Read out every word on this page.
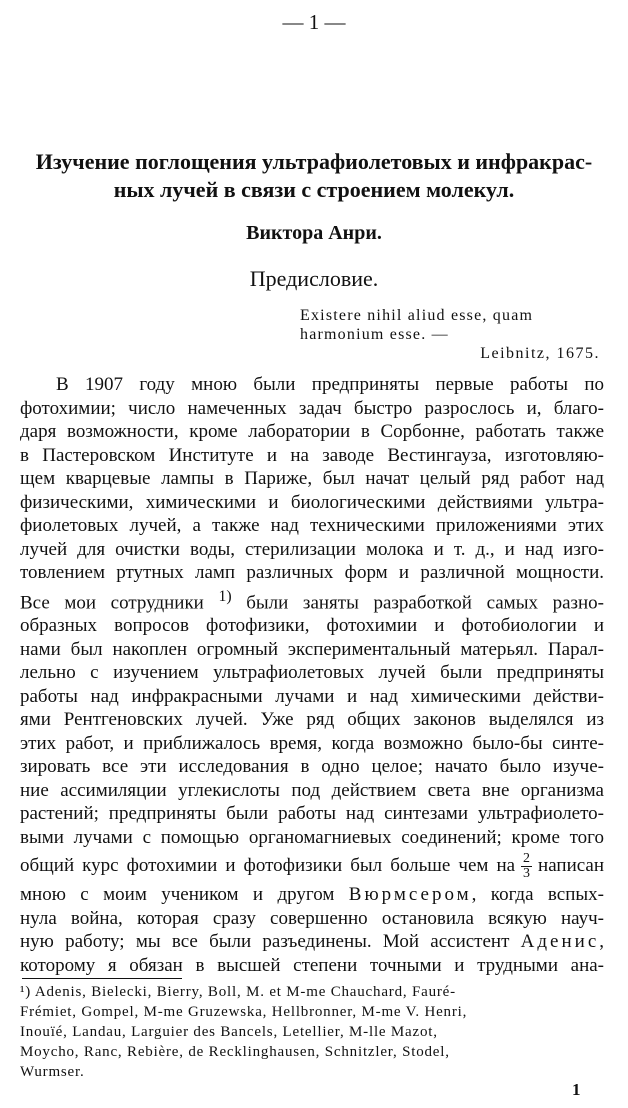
— 1 —
Изучение поглощения ультрафиолетовых и инфракрас-
ных лучей в связи с строением молекул.
Виктора Анри.
Предисловие.
Existere nihil aliud esse, quam
harmonium esse. —
Leibnitz, 1675.
В 1907 году мною были предприняты первые работы по
фотохимии; число намеченных задач быстро разрослось и, благо-
даря возможности, кроме лаборатории в Сорбонне, работать также
в Пастеровском Институте и на заводе Вестингауза, изготовляю-
щем кварцевые лампы в Париже, был начат целый ряд работ над
физическими, химическими и биологическими действиями ультра-
фиолетовых лучей, а также над техническими приложениями этих
лучей для очистки воды, стерилизации молока и т. д., и над изго-
товлением ртутных ламп различных форм и различной мощности.
Все мои сотрудники $^{1)}$ были заняты разработкой самых разно-
образных вопросов фотофизики, фотохимии и фотобиологии и
нами был накоплен огромный экспериментальный матерьял. Парал-
лельно с изучением ультрафиолетовых лучей были предприняты
работы над инфракрасными лучами и над химическими действи-
ями Рентгеновских лучей. Уже ряд общих законов выделялся из
этих работ, и приближалось время, когда возможно было-бы синте-
зировать все эти исследования в одно целое; начато было изуче-
ние ассимиляции углекислоты под действием света вне организма
растений; предприняты были работы над синтезами ультрафиолето-
выми лучами с помощью органомагниевых соединений; кроме того
общий курс фотохимии и фотофизики был больше чем на $\frac{2}{3}$ написан
мною с моим учеником и другом Вюрмсером, когда вспых-
нула война, которая сразу совершенно остановила всякую науч-
ную работу; мы все были разъединены. Мой ассистент Аденис,
которому я обязан в высшей степени точными и трудными ана-
¹) Adenis, Bielecki, Bierry, Boll, M. et M-me Chauchard, Fauré-
Frémiet, Gompel, M-me Gruzewska, Hellbronner, M-me V. Henri,
Inouïé, Landau, Larguier des Bancels, Letellier, M-lle Mazot,
Moycho, Ranc, Rebière, de Recklinghausen, Schnitzler, Stodel,
Wurmser.
1
